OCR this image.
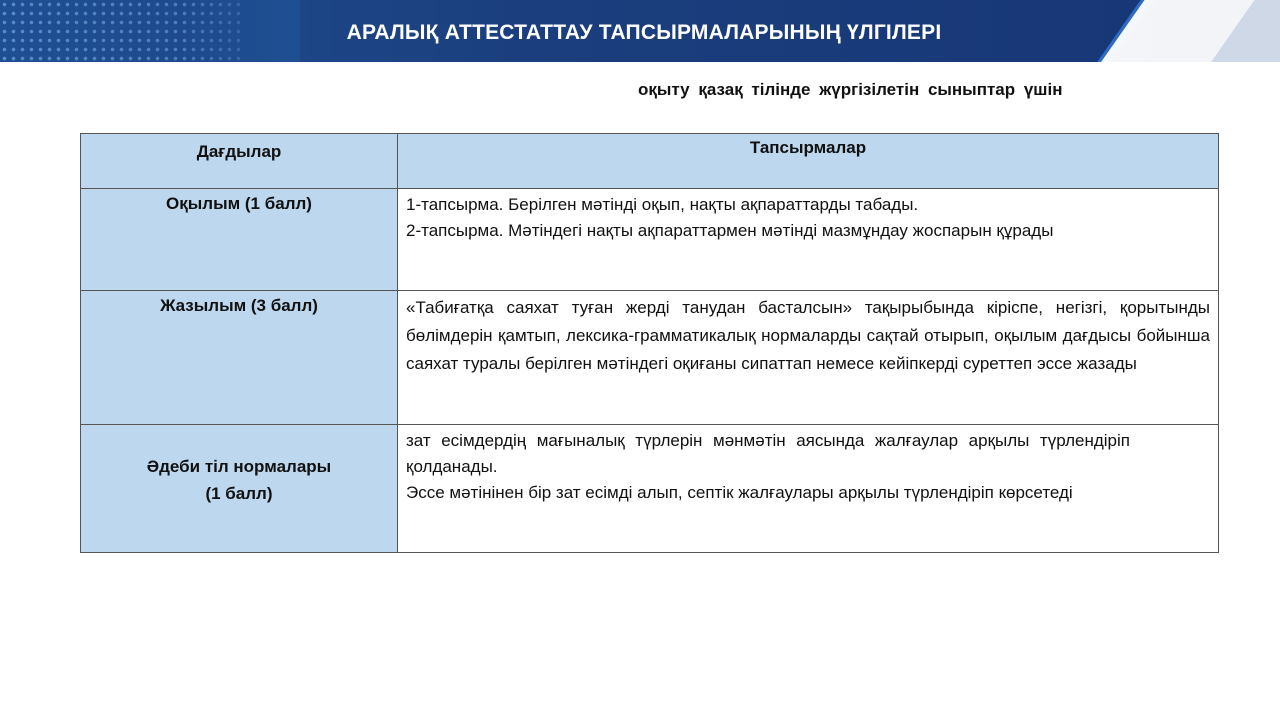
АРАЛЫҚ АТТЕСТАТТАУ ТАПСЫРМАЛАРЫНЫҢ ҮЛГІЛЕРІ
оқыту қазақ тілінде жүргізілетін сыныптар үшін
Дағдылар	Тапсырмалар

Оқылым (1 балл)	1-тапсырма. Берілген мәтінді оқып, нақты ақпараттарды табады.
2-тапсырма. Мәтіндегі нақты ақпараттармен мәтінді мазмұндау жоспарын құрады

Жазылым (3 балл)	«Табиғатқа саяхат туған жерді танудан басталсын» тақырыбында кіріспе, негізгі, қорытынды бөлімдерін қамтып, лексика-грамматикалық нормаларды сақтай отырып, оқылым дағдысы бойынша саяхат туралы берілген мәтіндегі оқиғаны сипаттап немесе кейіпкерді суреттеп эссе жазады

Әдеби тіл нормалары
(1 балл)	зат есімдердің мағыналық түрлерін мәнмәтін аясында жалғаулар арқылы түрлендіріп қолданады.
Эссе мәтінінен бір зат есімді алып, септік жалғаулары арқылы түрлендіріп көрсетеді
